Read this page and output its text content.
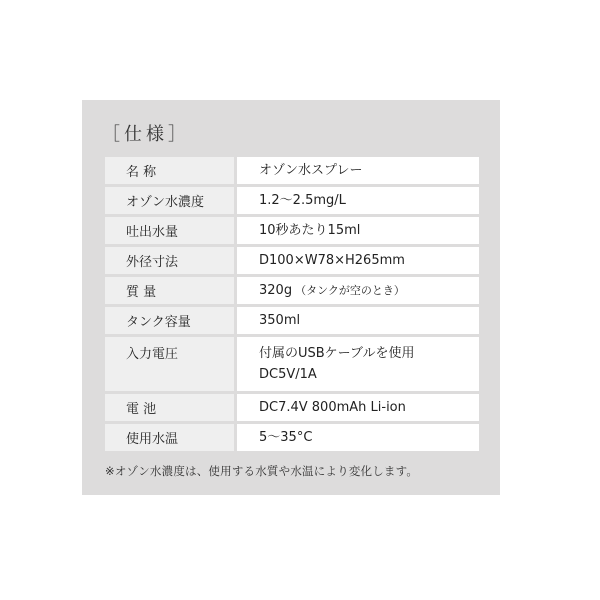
［仕様］
名 称	オゾン水スプレー
オゾン水濃度	1.2〜2.5mg/L
吐出水量	10秒あたり15ml
外径寸法	D100×W78×H265mm
質 量	320g （タンクが空のとき）
タンク容量	350ml
入力電圧	付属のUSBケーブルを使用
DC5V/1A
電 池	DC7.4V 800mAh Li-ion
使用水温	5〜35°C
※オゾン水濃度は、使用する水質や水温により変化します。
